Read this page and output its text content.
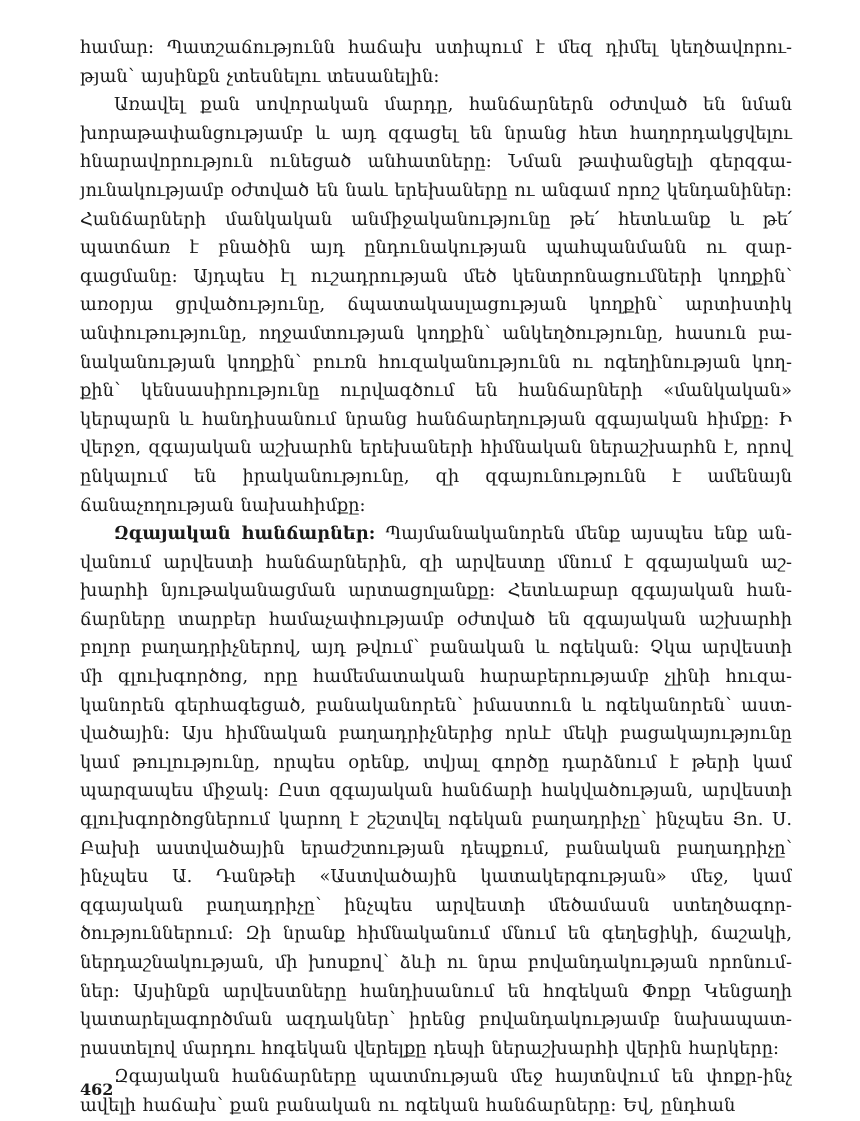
համար: Պատշաճությունն հաճախ ստիպում է մեզ դիմել կեղծավորության՝ այսինքն չտեսնելու տեսանելին:

Առավել քան սովորական մարդը, հանճարներն օժտված են նման խորաթափանցությամբ և այդ զգացել են նրանց հետ հաղորդակցվելու հնարավորություն ունեցած անհատները: Նման թափանցելի գերզգայունակությամբ օժտված են նաև երեխաները ու անգամ որոշ կենդանիներ: Հանճարների մանկական անմիջականությունը թե՛ հետևանք և թե՛ պատճառ է բնածին այդ ընդունակության պահպանմանն ու զարգացմանը: Այդպես էլ ուշադրության մեծ կենտրոնացումների կողքին՝ առօրյա ցրվածությունը, ճպատակասլացության կողքին՝ արտիստիկ անփութությունը, ողջամտության կողքին՝ անկեղծությունը, հասուն բանականության կողքին՝ բուռն հուզականությունն ու ոգեղինության կողքին՝ կենսասիրությունը ուրվագծում են հանճարների «մանկական» կերպարն և հանդիսանում նրանց հանճարեղության զգայական հիմքը: Ի վերջո, զգայական աշխարհն երեխաների հիմնական ներաշխարհն է, որով ընկալում են իրականությունը, զի զգայունությունն է ամենայն ճանաչողության նախահիմքը:

Զգայական հանճարներ: Պայմանականորեն մենք այսպես ենք անվանում արվեստի հանճարներին, զի արվեստը մնում է զգայական աշխարհի նյութականացման արտացոլանքը: Հետևաբար զգայական հանճարները տարբեր համաչափությամբ օժտված են զգայական աշխարհի բոլոր բաղադրիչներով, այդ թվում՝ բանական և ոգեկան: Չկա արվեստի մի գլուխգործոց, որը համեմատական հարաբերությամբ չլինի հուզականորեն գերհագեցած, բանականորեն՝ իմաստուն և ոգեկանորեն՝ աստվածային: Այս հիմնական բաղադրիչներից որևէ մեկի բացակայությունը կամ թուլությունը, որպես օրենք, տվյալ գործը դարձնում է թերի կամ պարզապես միջակ: Ըստ զգայական հանճարի հակվածության, արվեստի գլուխգործոցներում կարող է շեշտվել ոգեկան բաղադրիչը՝ ինչպես Յո. Ս. Բախի աստվածային երաժշտության դեպքում, բանական բաղադրիչը՝ ինչպես Ա. Դանթեի «Աստվածային կատակերգության» մեջ, կամ զգայական բաղադրիչը՝ ինչպես արվեստի մեծամասն ստեղծագործություններում: Զի նրանք հիմնականում մնում են գեղեցիկի, ճաշակի, ներդաշնակության, մի խոսքով՝ ձևի ու նրա բովանդակության որոնումներ: Այսինքն արվեստները հանդիսանում են հոգեկան Փոքր Կենցաղի կատարելագործման ազդակներ՝ իրենց բովանդակությամբ նախապատրաստելով մարդու հոգեկան վերելքը դեպի ներաշխարհի վերին հարկերը:

Զգայական հանճարները պատմության մեջ հայտնվում են փոքր-ինչ ավելի հաճախ՝ քան բանական ու ոգեկան հանճարները: Եվ, ընդհան

462
